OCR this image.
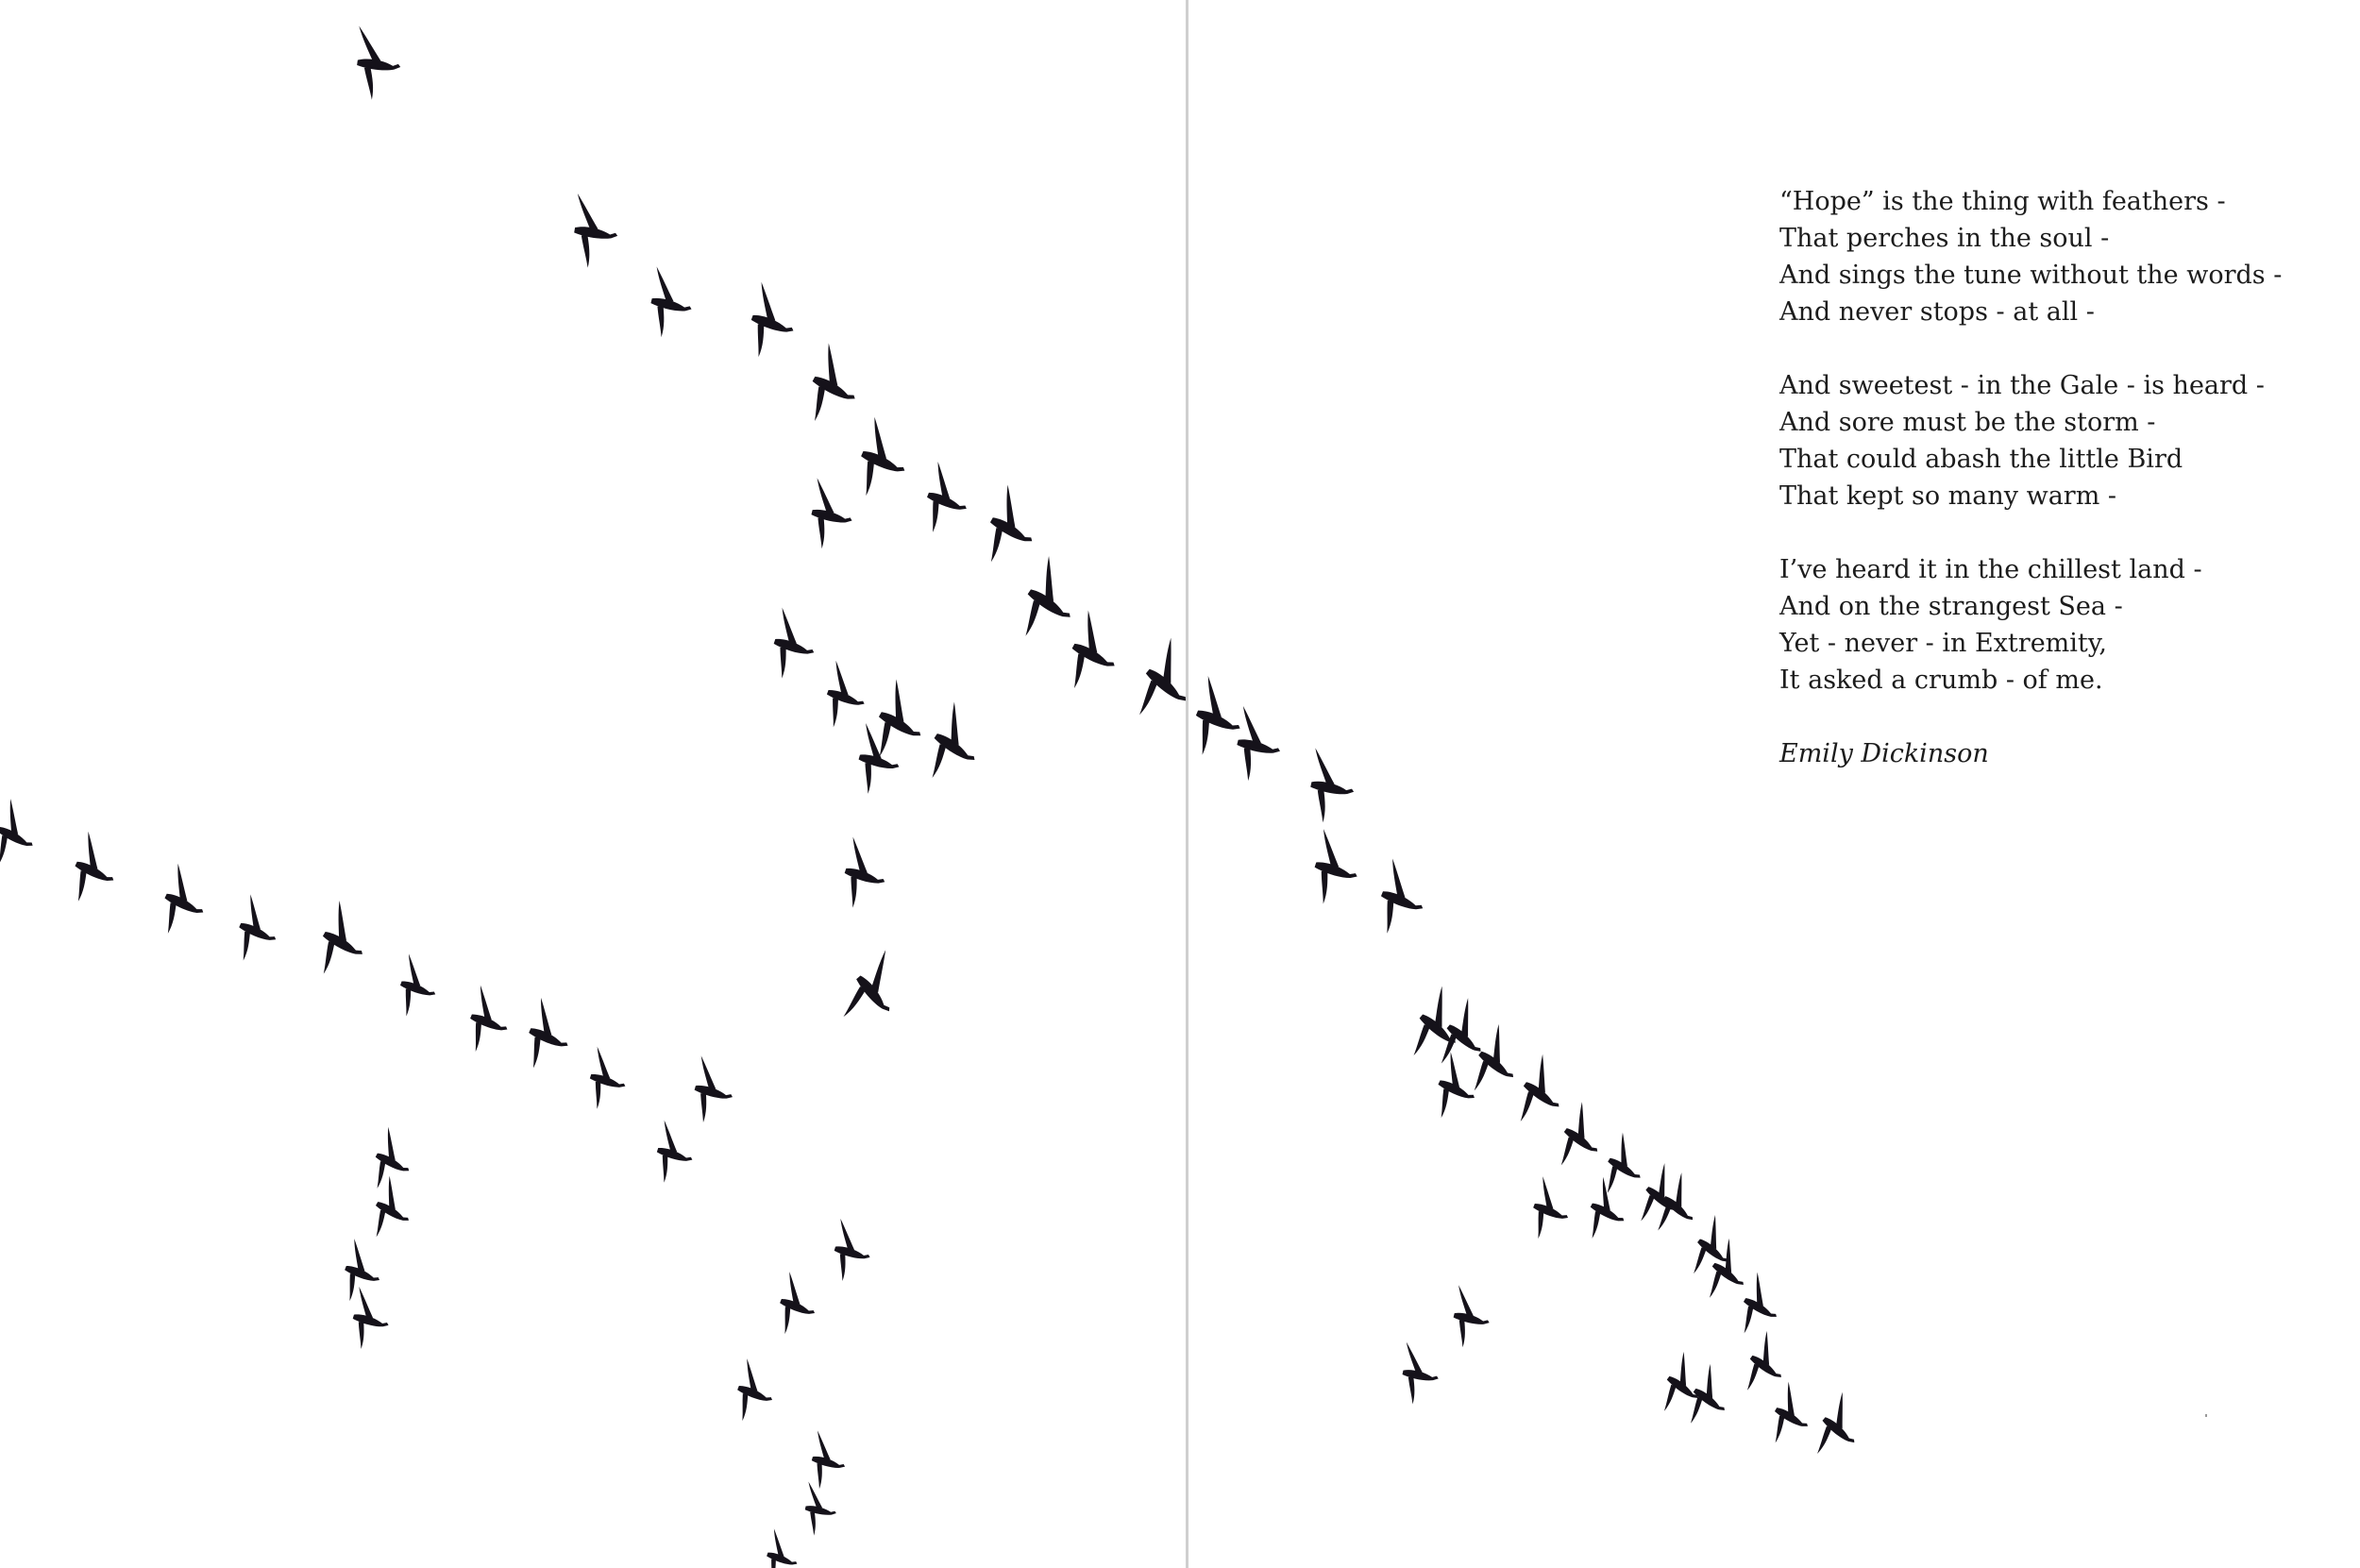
“Hope” is the thing with feathers -
That perches in the soul -
And sings the tune without the words -
And never stops - at all -
And sweetest - in the Gale - is heard -
And sore must be the storm -
That could abash the little Bird
That kept so many warm -
I’ve heard it in the chillest land -
And on the strangest Sea -
Yet - never - in Extremity,
It asked a crumb - of me.
Emily Dickinson
